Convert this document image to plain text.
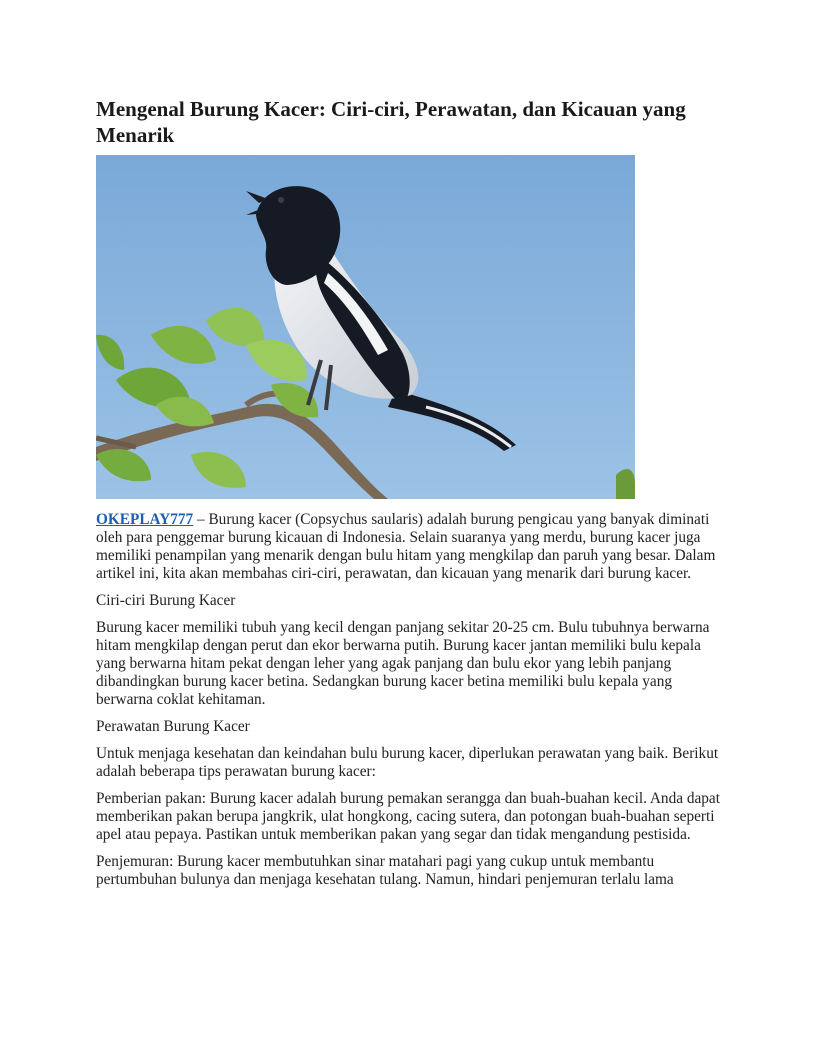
Mengenal Burung Kacer: Ciri-ciri, Perawatan, dan Kicauan yang Menarik

OKEPLAY777 – Burung kacer (Copsychus saularis) adalah burung pengicau yang banyak diminati oleh para penggemar burung kicauan di Indonesia. Selain suaranya yang merdu, burung kacer juga memiliki penampilan yang menarik dengan bulu hitam yang mengkilap dan paruh yang besar. Dalam artikel ini, kita akan membahas ciri-ciri, perawatan, dan kicauan yang menarik dari burung kacer.

Ciri-ciri Burung Kacer

Burung kacer memiliki tubuh yang kecil dengan panjang sekitar 20-25 cm. Bulu tubuhnya berwarna hitam mengkilap dengan perut dan ekor berwarna putih. Burung kacer jantan memiliki bulu kepala yang berwarna hitam pekat dengan leher yang agak panjang dan bulu ekor yang lebih panjang dibandingkan burung kacer betina. Sedangkan burung kacer betina memiliki bulu kepala yang berwarna coklat kehitaman.

Perawatan Burung Kacer

Untuk menjaga kesehatan dan keindahan bulu burung kacer, diperlukan perawatan yang baik. Berikut adalah beberapa tips perawatan burung kacer:

Pemberian pakan: Burung kacer adalah burung pemakan serangga dan buah-buahan kecil. Anda dapat memberikan pakan berupa jangkrik, ulat hongkong, cacing sutera, dan potongan buah-buahan seperti apel atau pepaya. Pastikan untuk memberikan pakan yang segar dan tidak mengandung pestisida.

Penjemuran: Burung kacer membutuhkan sinar matahari pagi yang cukup untuk membantu pertumbuhan bulunya dan menjaga kesehatan tulang. Namun, hindari penjemuran terlalu lama
